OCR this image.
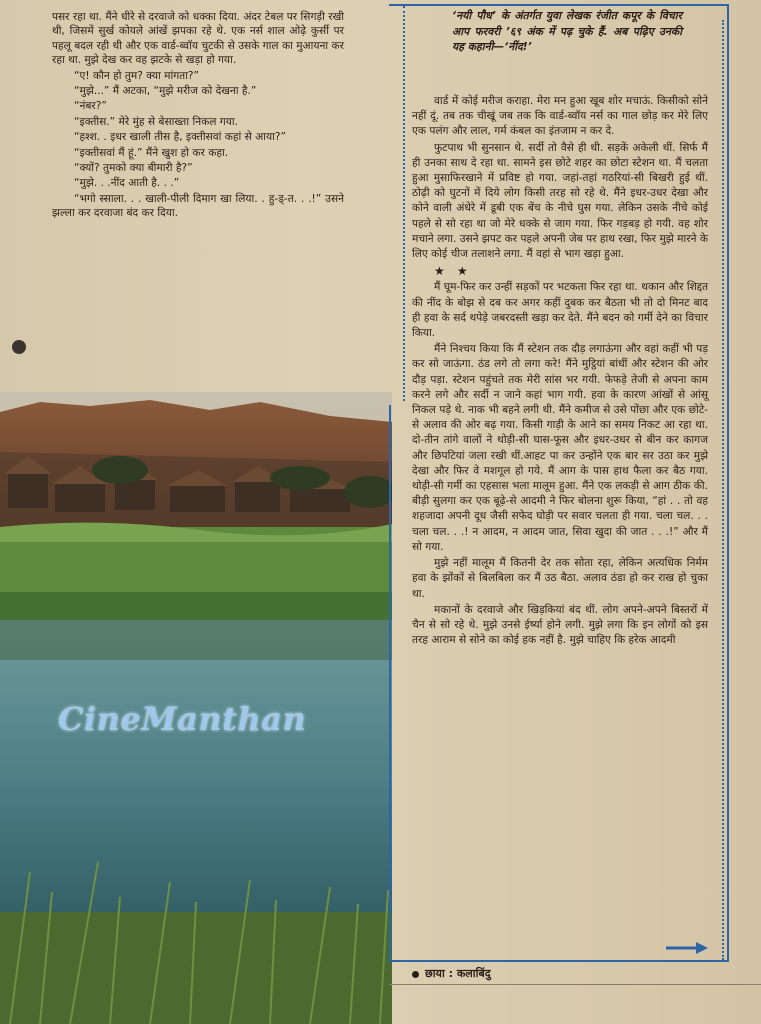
पसर रहा था. मैंने धीरे से दरवाजे को धक्का दिया. अंदर टेबल पर सिगड़ी रखी थी, जिसमें सुर्ख कोयले आंखें झपका रहे थे. एक नर्स शाल ओढ़े कुर्सी पर पहलू बदल रही थी और एक वार्ड-ब्वॉय चुटकी से उसके गाल का मुआयना कर रहा था. मुझे देख कर वह झटके से खड़ा हो गया.

“ए! कौन हो तुम? क्या मांगता?”

“मुझे...” मैं अटका, “मुझे मरीज को देखना है.”

“नंबर?”

“इक्तीस.” मेरे मुंह से बेसाख्ता निकल गया.

“हश्श. . इधर खाली तीस है, इक्तीसवां कहां से आया?”

“इक्तीसवां मैं हूं.” मैंने खुश हो कर कहा.

“क्यों? तुमको क्या बीमारी है?”

“मुझे. . .नींद आती है. . .”

“भगो स्साला. . . खाली-पीली दिमाग खा लिया. . हु-ड्-त. . .!” उसने झल्ला कर दरवाजा बंद कर दिया.

CineManthan
‘नयी पौध’ के अंतर्गत युवा लेखक रंजीत कपूर के विचार आप फरवरी ’६९ अंक में पढ़ चुके हैं. अब पढ़िए उनकी यह कहानी—‘नींद!’

वार्ड में कोई मरीज कराहा. मेरा मन हुआ खूब शोर मचाऊं. किसीको सोने नहीं दूं. तब तक चीखूं जब तक कि वार्ड-ब्वॉय नर्स का गाल छोड़ कर मेरे लिए एक पलंग और लाल, गर्म कंबल का इंतजाम न कर दे.

फुटपाथ भी सुनसान थे. सर्दी तो वैसे ही थी. सड़कें अकेली थीं. सिर्फ मैं ही उनका साथ दे रहा था. सामने इस छोटे शहर का छोटा स्टेशन था. मैं चलता हुआ मुसाफिरखाने में प्रविष्ट हो गया. जहां-तहां गठरियां-सी बिखरी हुई थीं. ठोढ़ी को घुटनों में दिये लोग किसी तरह सो रहे थे. मैंने इधर-उधर देखा और कोने वाली अंधेरे में डूबी एक बेंच के नीचे घुस गया. लेकिन उसके नीचे कोई पहले से सो रहा था जो मेरे धक्के से जाग गया. फिर गड़बड़ हो गयी. वह शोर मचाने लगा. उसने झपट कर पहले अपनी जेब पर हाथ रखा, फिर मुझे मारने के लिए कोई चीज तलाशने लगा. मैं वहां से भाग खड़ा हुआ.

★ ★

मैं घूम-फिर कर उन्हीं सड़कों पर भटकता फिर रहा था. थकान और शिद्दत की नींद के बोझ से दब कर अगर कहीं दुबक कर बैठता भी तो दो मिनट बाद ही हवा के सर्द थपेड़े जबरदस्ती खड़ा कर देते. मैंने बदन को गर्मी देने का विचार किया.

मैंने निश्चय किया कि मैं स्टेशन तक दौड़ लगाऊंगा और वहां कहीं भी पड़ कर सो जाऊंगा. ठंड लगे तो लगा करे! मैंने मुट्ठियां बांधीं और स्टेशन की ओर दौड़ पड़ा. स्टेशन पहुंचते तक मेरी सांस भर गयी. फेफड़े तेजी से अपना काम करने लगे और सर्दी न जाने कहां भाग गयी. हवा के कारण आंखों से आंसू निकल पड़े थे. नाक भी बहने लगी थी. मैंने कमीज से उसे पोंछा और एक छोटे-से अलाव की ओर बढ़ गया. किसी गाड़ी के आने का समय निकट आ रहा था. दो-तीन तांगे वालों ने थोड़ी-सी घास-फूस और इधर-उधर से बीन कर कागज और छिपटियां जला रखी थीं.आहट पा कर उन्होंने एक बार सर उठा कर मुझे देखा और फिर वे मशगूल हो गये. मैं आग के पास हाथ फैला कर बैठ गया. थोड़ी-सी गर्मी का एहसास भला मालूम हुआ. मैंने एक लकड़ी से आग ठीक की. बीड़ी सुलगा कर एक बूढ़े-से आदमी ने फिर बोलना शुरू किया, “हां . . तो वह शहजादा अपनी दूध जैसी सफेद घोड़ी पर सवार चलता ही गया. चला चल. . . चला चल. . .! न आदम, न आदम जात, सिवा खुदा की जात . . .!” और मैं सो गया.

मुझे नहीं मालूम मैं कितनी देर तक सोता रहा, लेकिन अत्यधिक निर्मम हवा के झोंकों से बिलबिला कर मैं उठ बैठा. अलाव ठंडा हो कर राख हो चुका था.

मकानों के दरवाजे और खिड़कियां बंद थीं. लोग अपने-अपने बिस्तरों में चैन से सो रहे थे. मुझे उनसे ईर्ष्या होने लगी. मुझे लगा कि इन लोगों को इस तरह आराम से सोने का कोई हक नहीं है. मुझे चाहिए कि हरेक आदमी

छाया : कलाबिंदु
